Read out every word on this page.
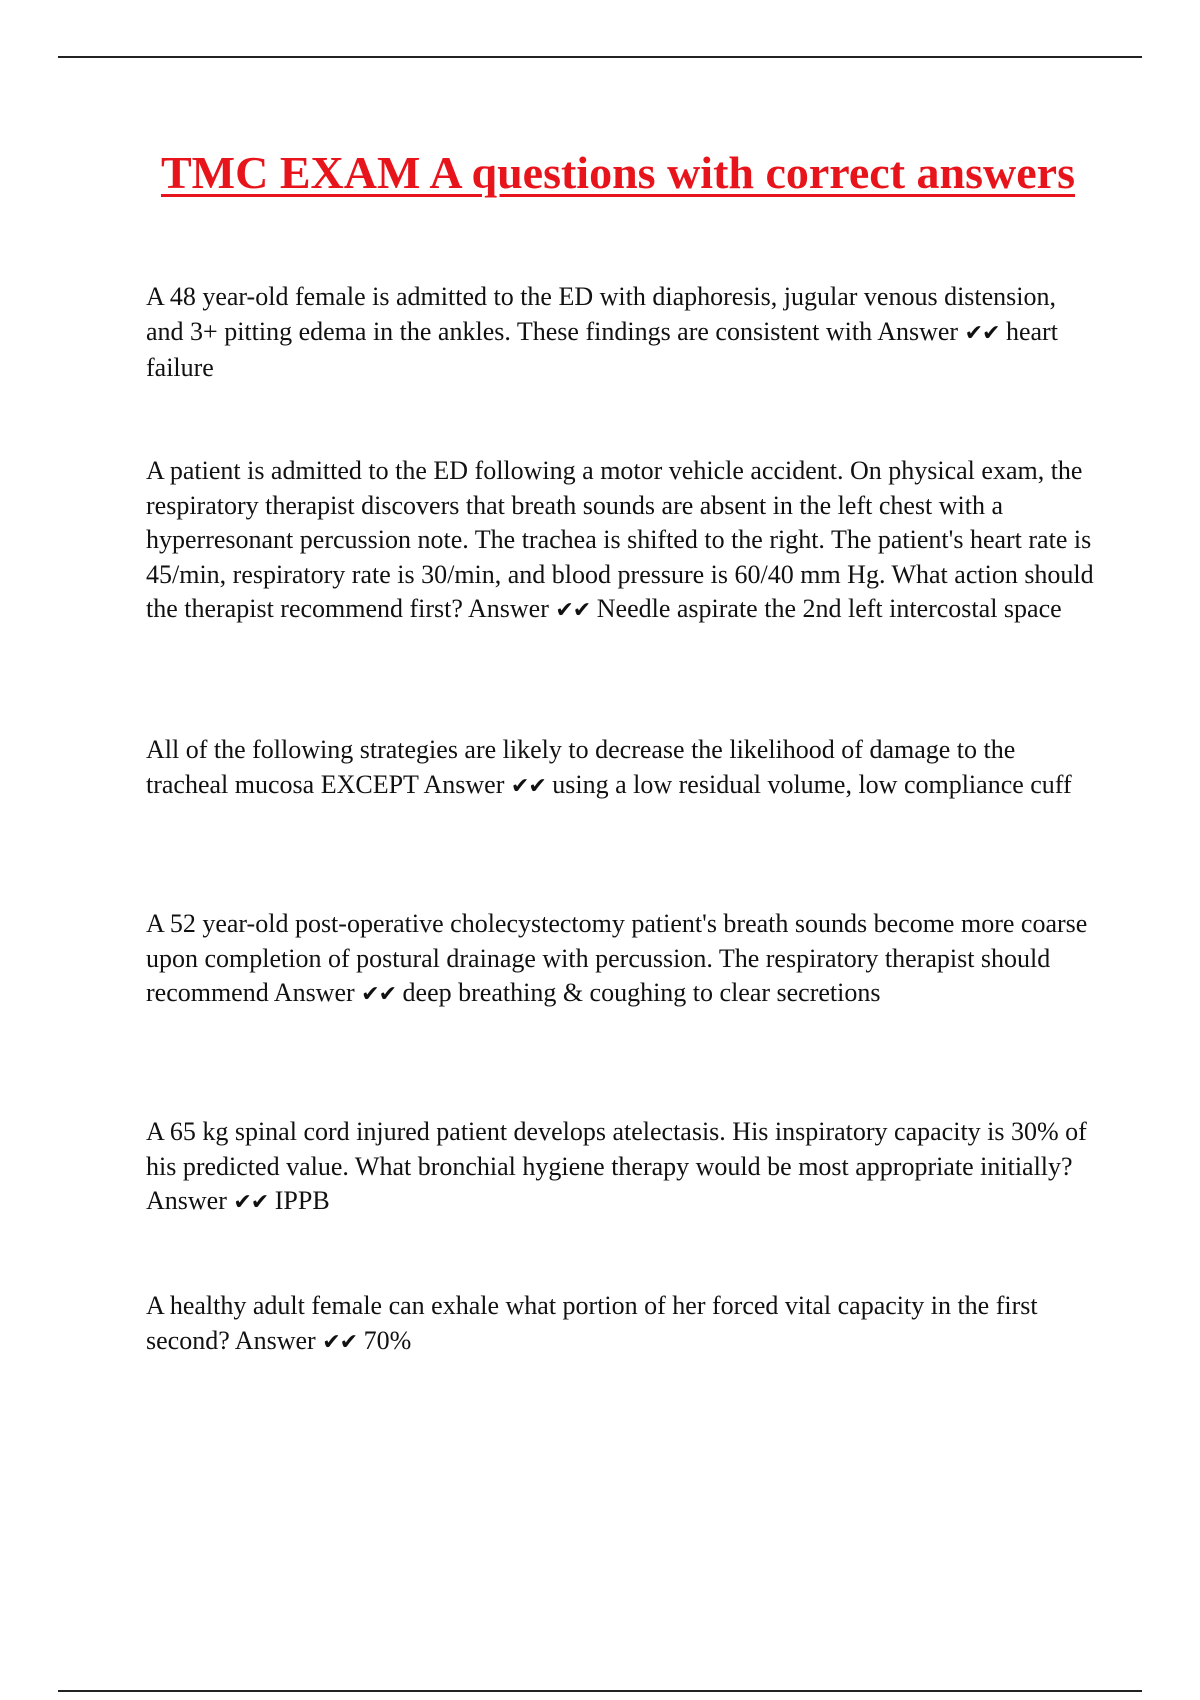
TMC EXAM A questions with correct answers

A 48 year-old female is admitted to the ED with diaphoresis, jugular venous distension, and 3+ pitting edema in the ankles. These findings are consistent with Answer ✔✔ heart failure

A patient is admitted to the ED following a motor vehicle accident. On physical exam, the respiratory therapist discovers that breath sounds are absent in the left chest with a hyperresonant percussion note. The trachea is shifted to the right. The patient's heart rate is 45/min, respiratory rate is 30/min, and blood pressure is 60/40 mm Hg. What action should the therapist recommend first? Answer ✔✔ Needle aspirate the 2nd left intercostal space

All of the following strategies are likely to decrease the likelihood of damage to the tracheal mucosa EXCEPT Answer ✔✔ using a low residual volume, low compliance cuff

A 52 year-old post-operative cholecystectomy patient's breath sounds become more coarse upon completion of postural drainage with percussion. The respiratory therapist should recommend Answer ✔✔ deep breathing & coughing to clear secretions

A 65 kg spinal cord injured patient develops atelectasis. His inspiratory capacity is 30% of his predicted value. What bronchial hygiene therapy would be most appropriate initially? Answer ✔✔ IPPB

A healthy adult female can exhale what portion of her forced vital capacity in the first second? Answer ✔✔ 70%
